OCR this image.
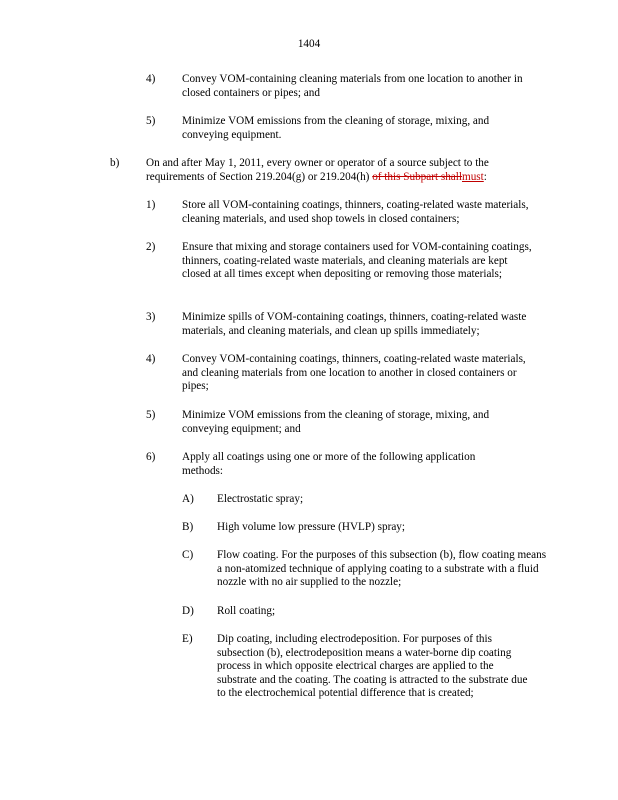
1404
4) Convey VOM-containing cleaning materials from one location to another in closed containers or pipes; and
5) Minimize VOM emissions from the cleaning of storage, mixing, and conveying equipment.
b) On and after May 1, 2011, every owner or operator of a source subject to the requirements of Section 219.204(g) or 219.204(h) of this Subpart shallmust:
1) Store all VOM-containing coatings, thinners, coating-related waste materials, cleaning materials, and used shop towels in closed containers;
2) Ensure that mixing and storage containers used for VOM-containing coatings, thinners, coating-related waste materials, and cleaning materials are kept closed at all times except when depositing or removing those materials;
3) Minimize spills of VOM-containing coatings, thinners, coating-related waste materials, and cleaning materials, and clean up spills immediately;
4) Convey VOM-containing coatings, thinners, coating-related waste materials, and cleaning materials from one location to another in closed containers or pipes;
5) Minimize VOM emissions from the cleaning of storage, mixing, and conveying equipment; and
6) Apply all coatings using one or more of the following application methods:
A) Electrostatic spray;
B) High volume low pressure (HVLP) spray;
C) Flow coating. For the purposes of this subsection (b), flow coating means a non-atomized technique of applying coating to a substrate with a fluid nozzle with no air supplied to the nozzle;
D) Roll coating;
E) Dip coating, including electrodeposition. For purposes of this subsection (b), electrodeposition means a water-borne dip coating process in which opposite electrical charges are applied to the substrate and the coating. The coating is attracted to the substrate due to the electrochemical potential difference that is created;
